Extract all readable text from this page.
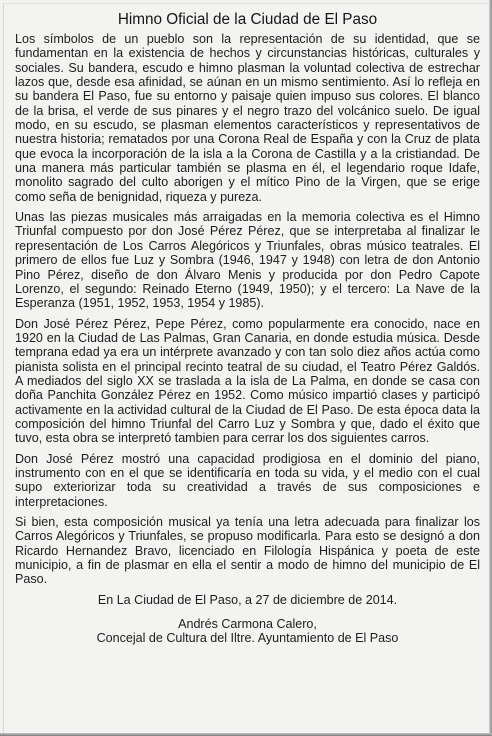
Himno Oficial de la Ciudad de El Paso

Los símbolos de un pueblo son la representación de su identidad, que se fundamentan en la existencia de hechos y circunstancias históricas, culturales y sociales. Su bandera, escudo e himno plasman la voluntad colectiva de estrechar lazos que, desde esa afinidad, se aúnan en un mismo sentimiento. Así lo refleja en su bandera El Paso, fue su entorno y paisaje quien impuso sus colores. El blanco de la brisa, el verde de sus pinares y el negro trazo del volcánico suelo. De igual modo, en su escudo, se plasman elementos característicos y representativos de nuestra historia; rematados por una Corona Real de España y con la Cruz de plata que evoca la incorporación de la isla a la Corona de Castilla y a la cristiandad. De una manera más particular también se plasma en él, el legendario roque Idafe, monolito sagrado del culto aborigen y el mítico Pino de la Virgen, que se erige como seña de benignidad, riqueza y pureza.

Unas las piezas musicales más arraigadas en la memoria colectiva es el Himno Triunfal compuesto por don José Pérez Pérez, que se interpretaba al finalizar le representación de Los Carros Alegóricos y Triunfales, obras músico teatrales. El primero de ellos fue Luz y Sombra (1946, 1947 y 1948) con letra de don Antonio Pino Pérez, diseño de don Álvaro Menis y producida por don Pedro Capote Lorenzo, el segundo: Reinado Eterno (1949, 1950); y el tercero: La Nave de la Esperanza (1951, 1952, 1953, 1954 y 1985).

Don José Pérez Pérez, Pepe Pérez, como popularmente era conocido, nace en 1920 en la Ciudad de Las Palmas, Gran Canaria, en donde estudia música. Desde temprana edad ya era un intérprete avanzado y con tan solo diez años actúa como pianista solista en el principal recinto teatral de su ciudad, el Teatro Pérez Galdós. A mediados del siglo XX se traslada a la isla de La Palma, en donde se casa con doña Panchita González Pérez en 1952. Como músico impartió clases y participó activamente en la actividad cultural de la Ciudad de El Paso. De esta época data la composición del himno Triunfal del Carro Luz y Sombra y que, dado el éxito que tuvo, esta obra se interpretó tambien para cerrar los dos siguientes carros.

Don José Pérez mostró una capacidad prodigiosa en el dominio del piano, instrumento con en el que se identificaría en toda su vida, y el medio con el cual supo exteriorizar toda su creatividad a través de sus composiciones e interpretaciones.

Si bien, esta composición musical ya tenía una letra adecuada para finalizar los Carros Alegóricos y Triunfales, se propuso modificarla. Para esto se designó a don Ricardo Hernandez Bravo, licenciado en Filología Hispánica y poeta de este municipio, a fin de plasmar en ella el sentir a modo de himno del municipio de El Paso.

En La Ciudad de El Paso, a 27 de diciembre de 2014.
Andrés Carmona Calero,
Concejal de Cultura del Iltre. Ayuntamiento de El Paso
